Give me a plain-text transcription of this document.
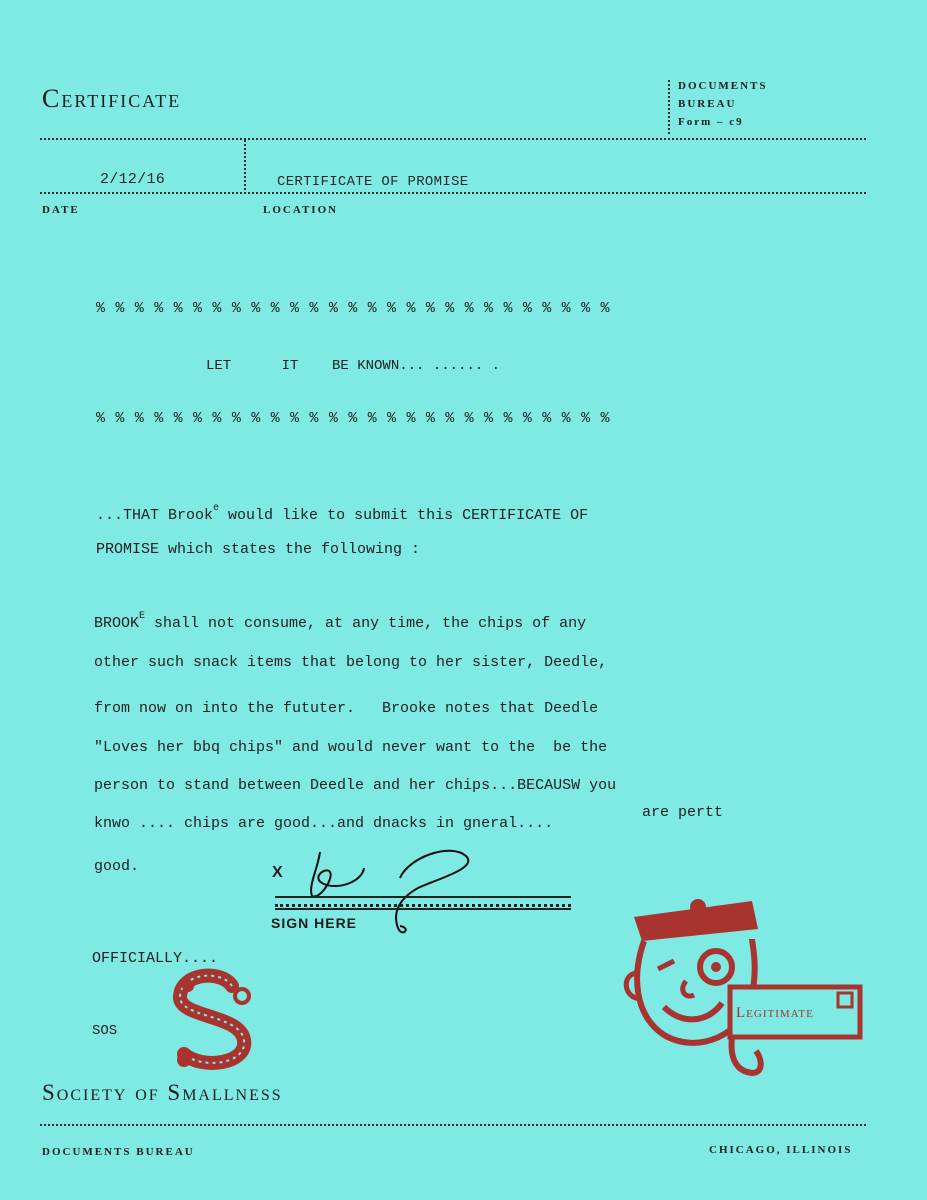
Certificate	DOCUMENTS
BUREAU
Form – c9
2/12/16	CERTIFICATE OF PROMISE
DATE	LOCATION
% % % % % % % % % % % % % % % % % % % % % % % % % % %
LET      IT    BE KNOWN... ...... .
% % % % % % % % % % % % % % % % % % % % % % % % % % %
...THAT Brook$^e$ would like to submit this CERTIFICATE OF
PROMISE which states the following :
$BROOK^E$ shall not consume, at any time, the chips of any
other such snack items that belong to her sister, Deedle,
from now on into the fututer.   Brooke notes that Deedle
"Loves her bbq chips" and would never want to the  be the
person to stand between Deedle and her chips...BECAUSW you
knwo .... chips are good...and dnacks in gneral....
are pertt
good.	X
SIGN HERE
OFFICIALLY....
SOS
Legitimate
Society of Smallness
DOCUMENTS BUREAU	CHICAGO, ILLINOIS
